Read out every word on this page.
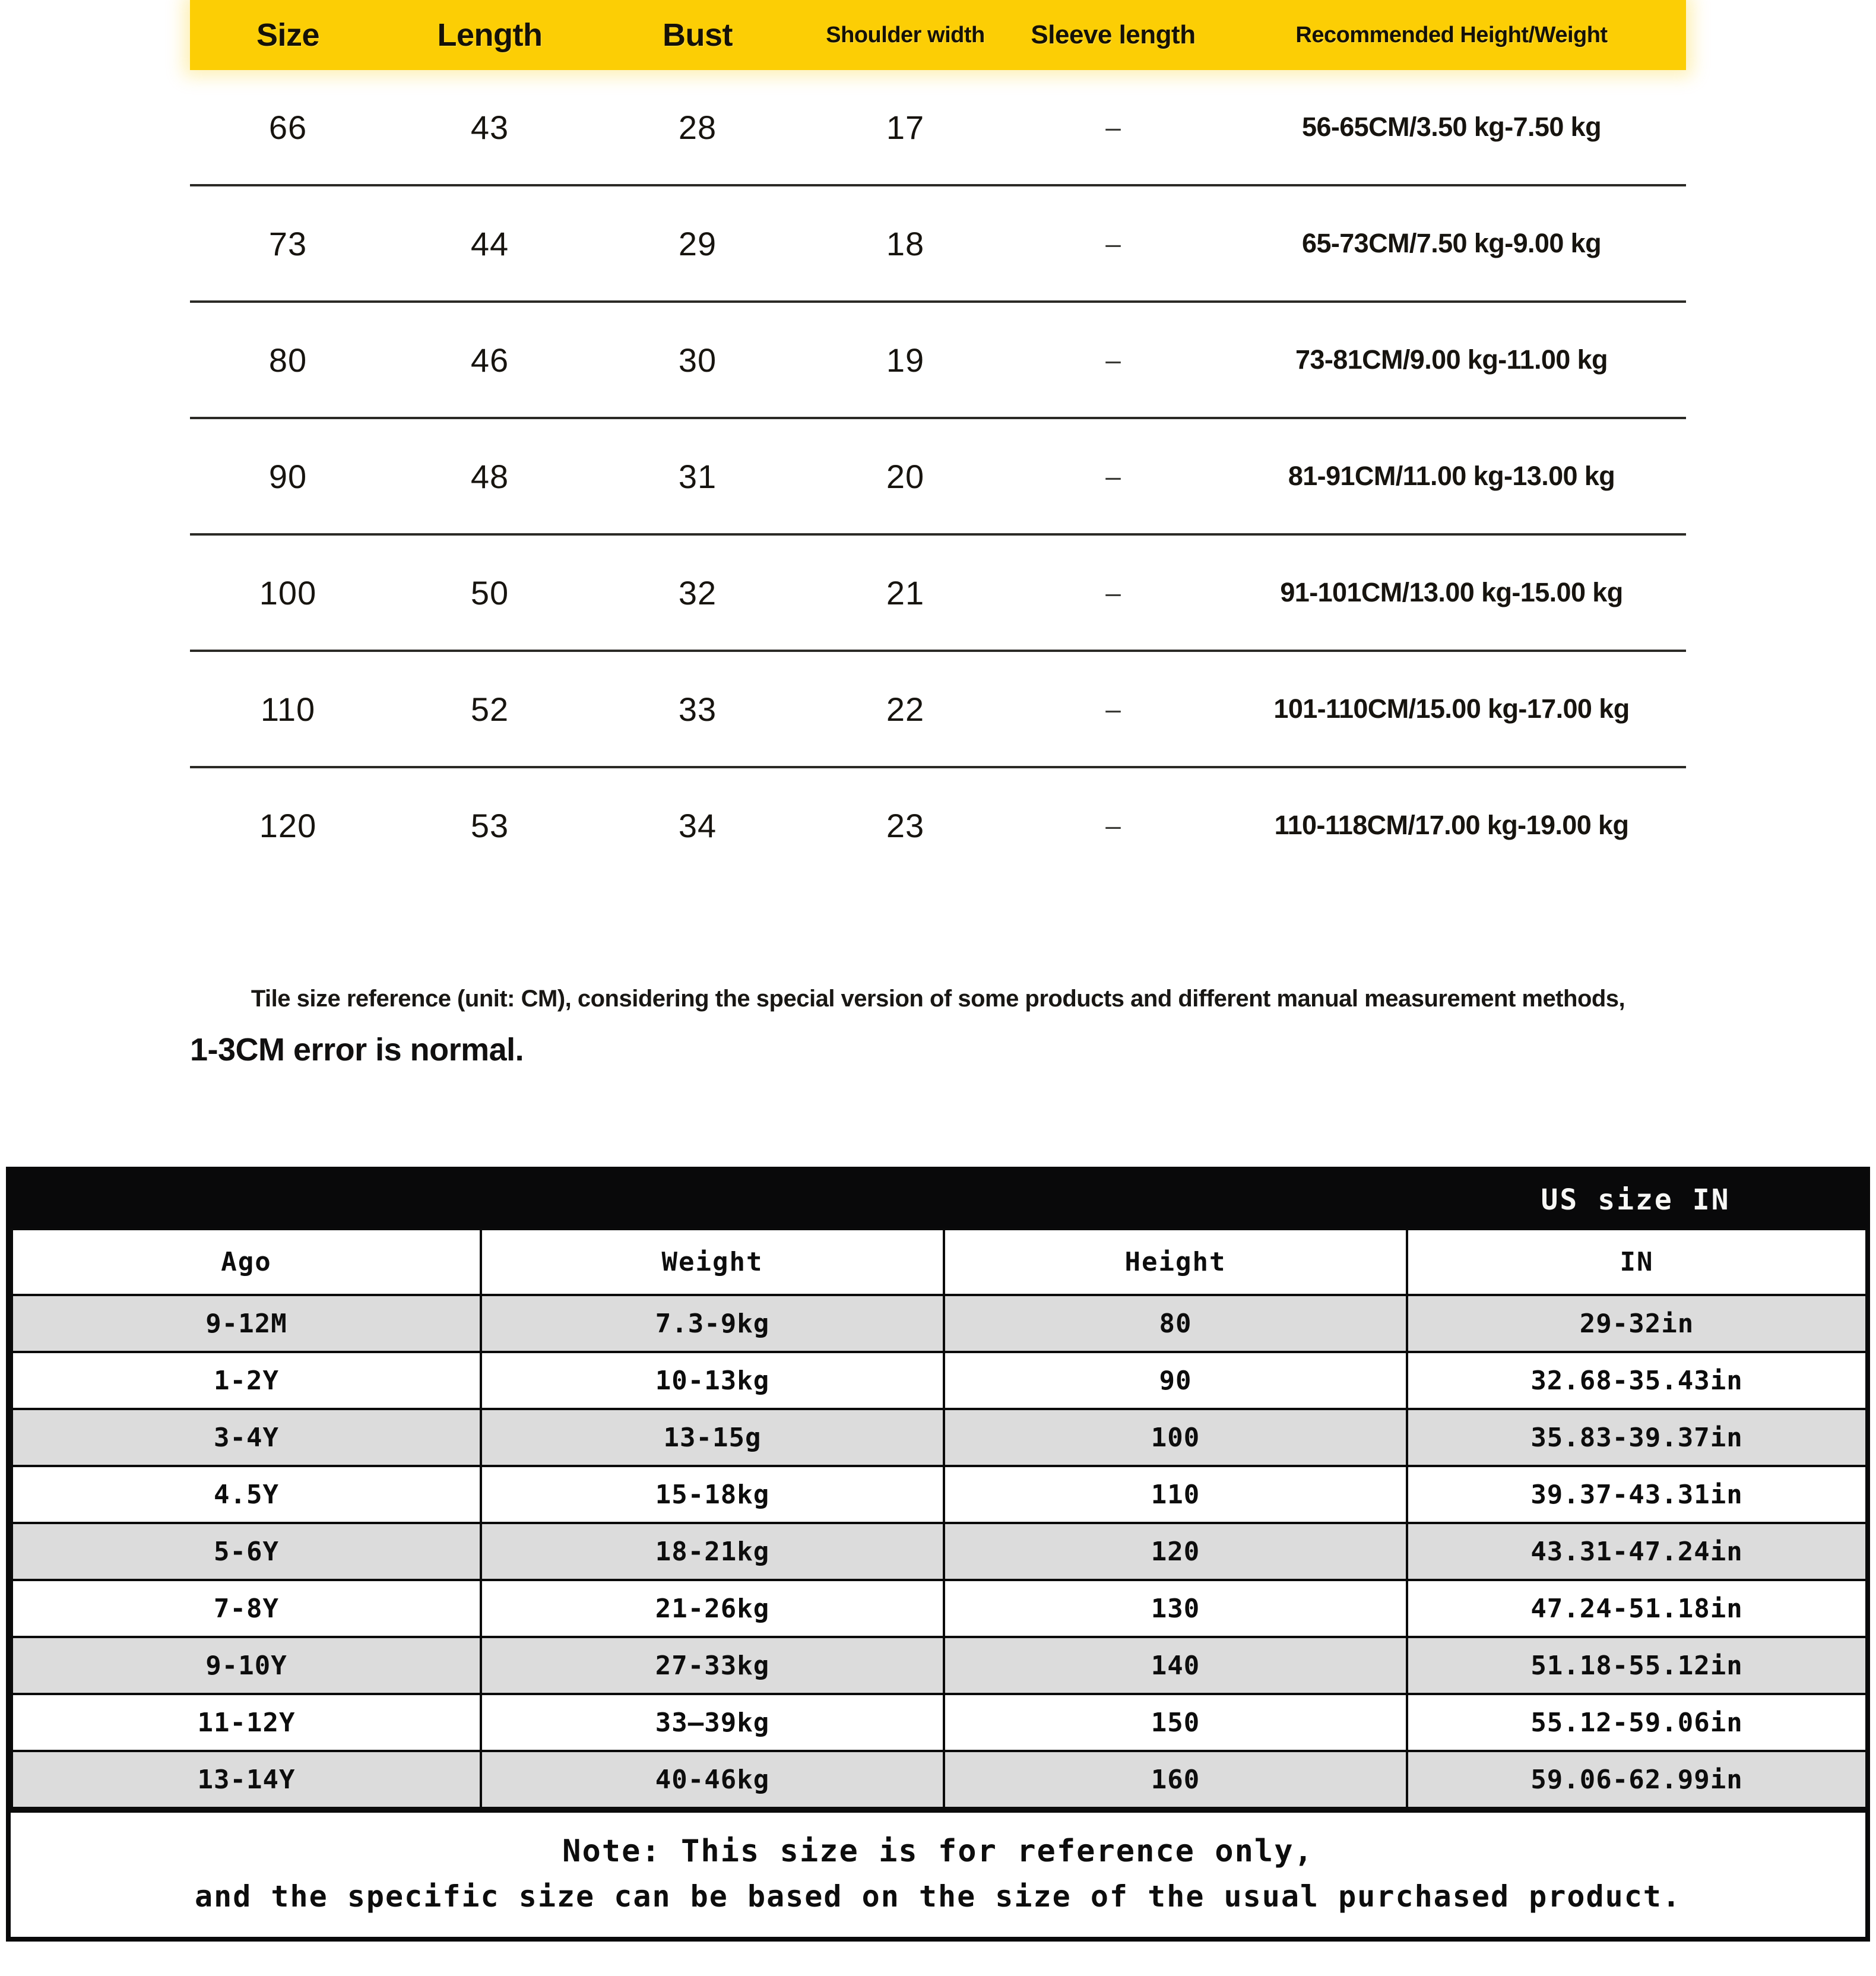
Size	Length	Bust	Shoulder width	Sleeve length	Recommended Height/Weight
66	43	28	17	–	56-65CM/3.50 kg-7.50 kg
73	44	29	18	–	65-73CM/7.50 kg-9.00 kg
80	46	30	19	–	73-81CM/9.00 kg-11.00 kg
90	48	31	20	–	81-91CM/11.00 kg-13.00 kg
100	50	32	21	–	91-101CM/13.00 kg-15.00 kg
110	52	33	22	–	101-110CM/15.00 kg-17.00 kg
120	53	34	23	–	110-118CM/17.00 kg-19.00 kg
Tile size reference (unit: CM), considering the special version of some products and different manual measurement methods,
1-3CM error is normal.
US size IN
Ago	Weight	Height	IN
9-12M	7.3-9kg	80	29-32in
1-2Y	10-13kg	90	32.68-35.43in
3-4Y	13-15g	100	35.83-39.37in
4.5Y	15-18kg	110	39.37-43.31in
5-6Y	18-21kg	120	43.31-47.24in
7-8Y	21-26kg	130	47.24-51.18in
9-10Y	27-33kg	140	51.18-55.12in
11-12Y	33—39kg	150	55.12-59.06in
13-14Y	40-46kg	160	59.06-62.99in
Note: This size is for reference only,
and the specific size can be based on the size of the usual purchased product.
